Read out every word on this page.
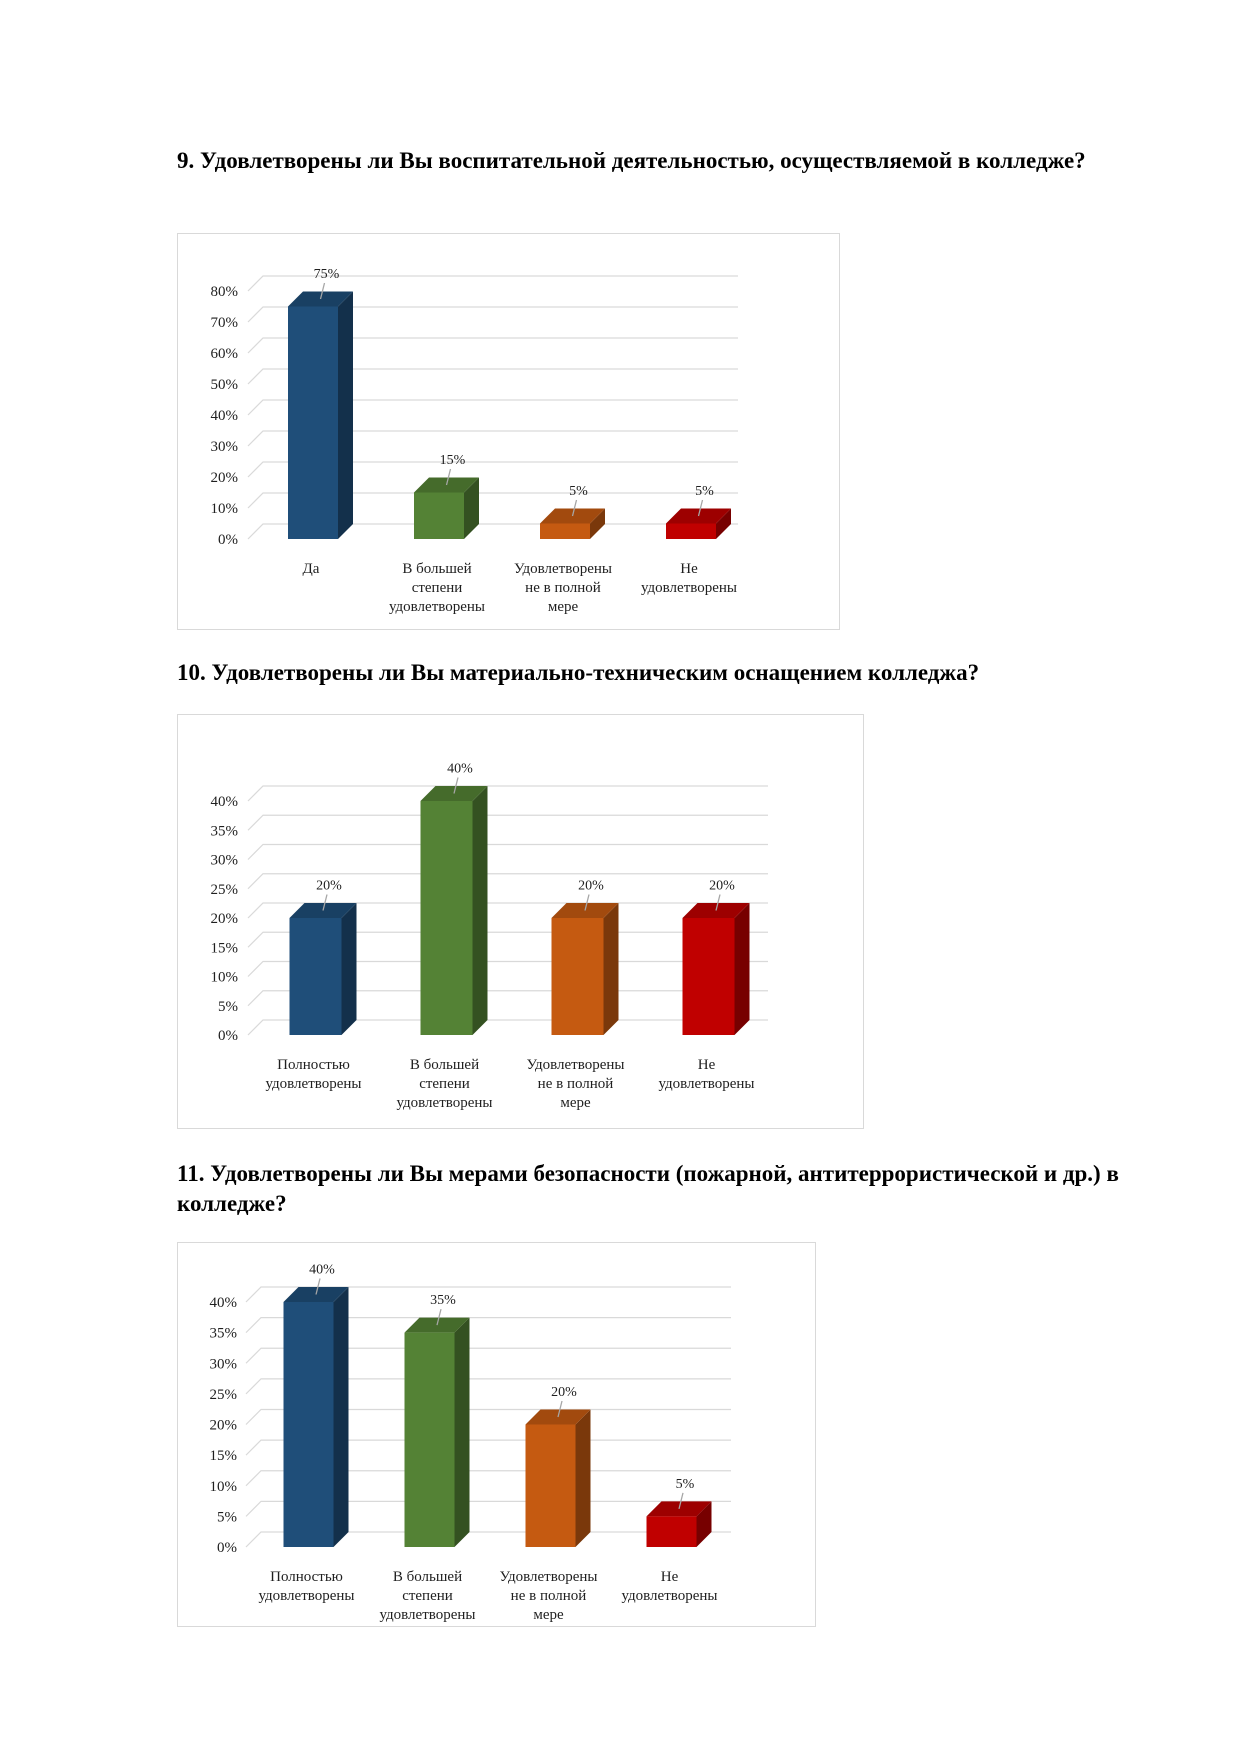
9. Удовлетворены ли Вы воспитательной деятельностью, осуществляемой в колледже?
0%
10%
20%
30%
40%
50%
60%
70%
80%
75%
Да
15%
В большей степени удовлетворены
5%
Удовлетворены не в полной мере
5%
Не удовлетворены
10. Удовлетворены ли Вы материально-техническим оснащением колледжа?
0%
5%
10%
15%
20%
25%
30%
35%
40%
20%
Полностью удовлетворены
40%
В большей степени удовлетворены
20%
Удовлетворены не в полной мере
20%
Не удовлетворены
11. Удовлетворены ли Вы мерами безопасности (пожарной, антитеррористической и др.) в колледже?
0%
5%
10%
15%
20%
25%
30%
35%
40%
40%
Полностью удовлетворены
35%
В большей степени удовлетворены
20%
Удовлетворены не в полной мере
5%
Не удовлетворены
